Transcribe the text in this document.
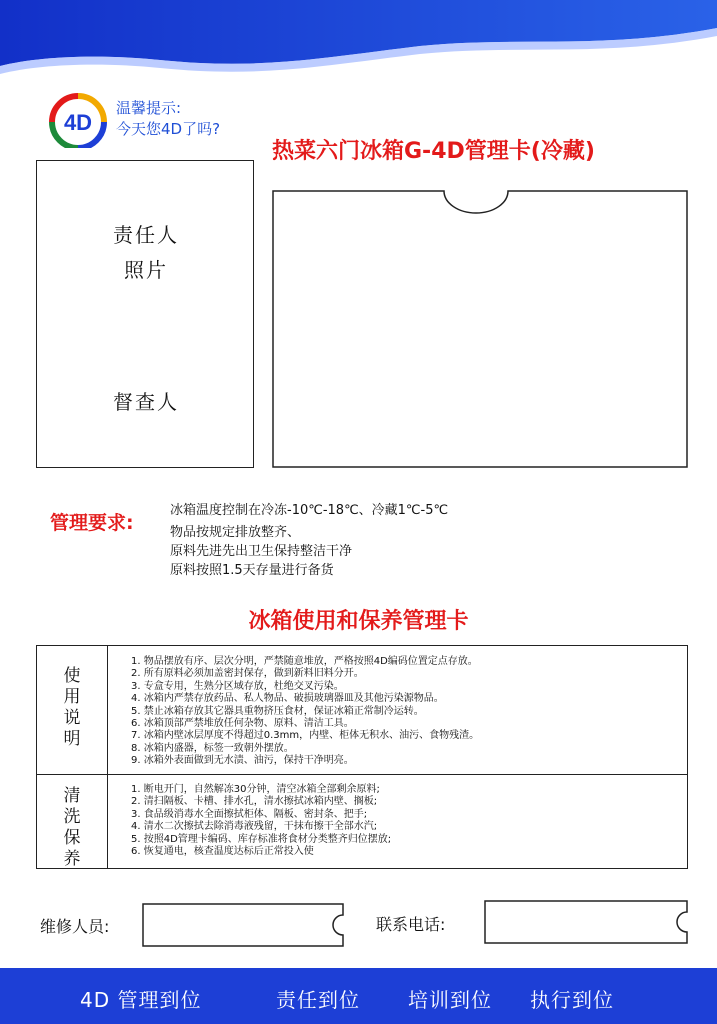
4D
温馨提示:
今天您4D了吗?
热菜六门冰箱G-4D管理卡(冷藏)
责任人
照片
督查人
管理要求:
冰箱温度控制在冷冻-10℃-18℃、冷藏1℃-5℃
物品按规定排放整齐、
原料先进先出卫生保持整洁干净
原料按照1.5天存量进行备货
冰箱使用和保养管理卡
使
用
说
明
1. 物品摆放有序、层次分明，严禁随意堆放，严格按照4D编码位置定点存放。
2. 所有原料必须加盖密封保存，做到新料旧料分开。
3. 专盒专用，生熟分区域存放，杜绝交叉污染。
4. 冰箱内严禁存放药品、私人物品、破损玻璃器皿及其他污染源物品。
5. 禁止冰箱存放其它器具重物挤压食材，保证冰箱正常制冷运转。
6. 冰箱顶部严禁堆放任何杂物、原料、清洁工具。
7. 冰箱内壁冰层厚度不得超过0.3mm，内壁、柜体无积水、油污、食物残渣。
8. 冰箱内盛器，标签一致朝外摆放。
9. 冰箱外表面做到无水渍、油污，保持干净明亮。
清
洗
保
养
1. 断电开门，自然解冻30分钟，清空冰箱全部剩余原料;
2. 清扫隔板、卡槽、排水孔，清水擦拭冰箱内壁、搁板;
3. 食品级消毒水全面擦拭柜体、隔板、密封条、把手;
4. 清水二次擦拭去除消毒液残留，干抹布擦干全部水汽;
5. 按照4D管理卡编码、库存标准将食材分类整齐归位摆放;
6. 恢复通电，核查温度达标后正常投入使
维修人员:	联系电话:
4D 管理到位	责任到位 培训到位 执行到位
